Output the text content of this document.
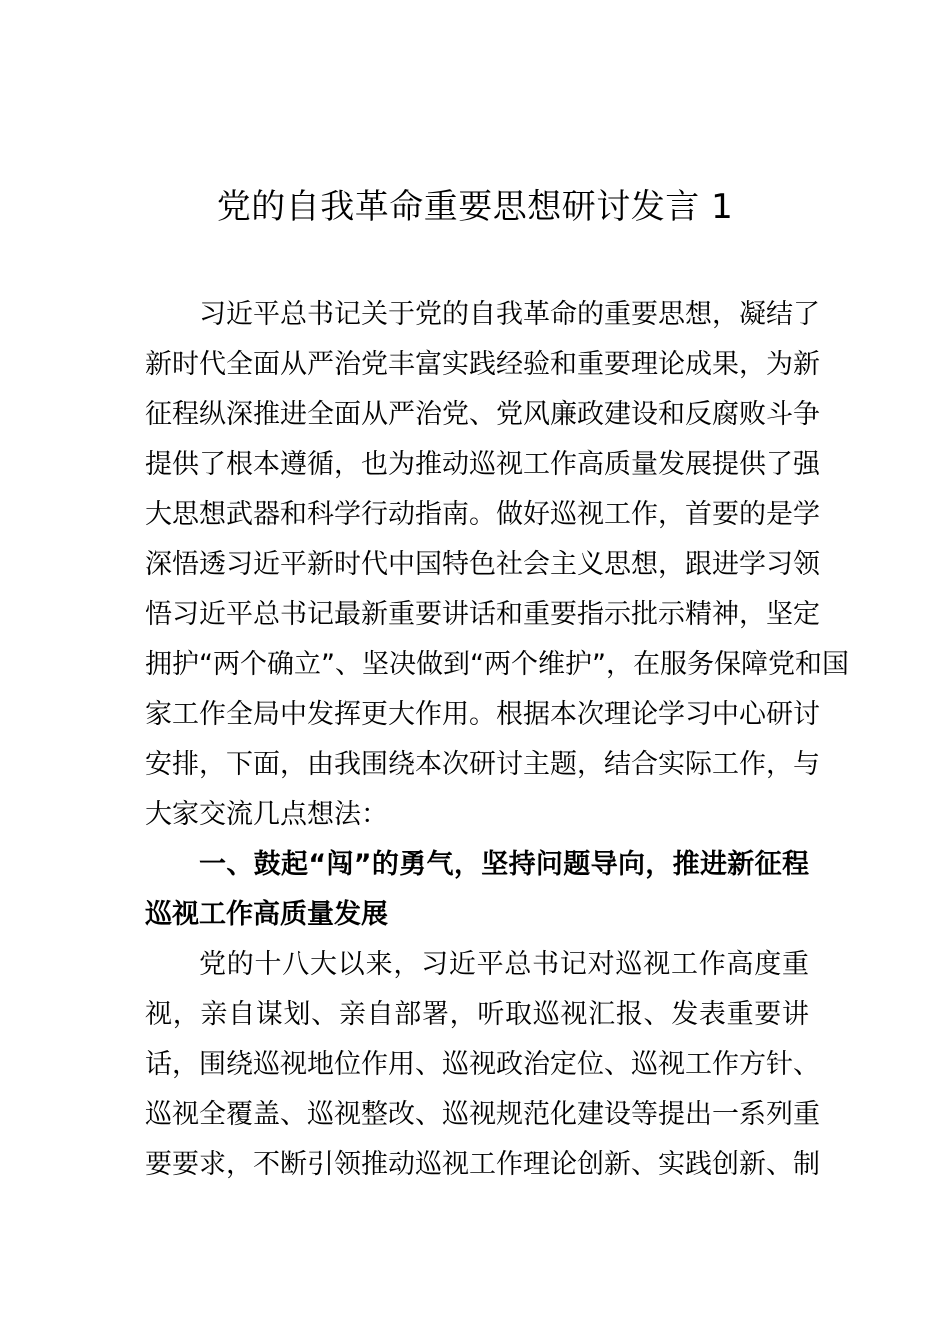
党的自我革命重要思想研讨发言 1
习近平总书记关于党的自我革命的重要思想，凝结了
新时代全面从严治党丰富实践经验和重要理论成果，为新
征程纵深推进全面从严治党、党风廉政建设和反腐败斗争
提供了根本遵循，也为推动巡视工作高质量发展提供了强
大思想武器和科学行动指南。做好巡视工作，首要的是学
深悟透习近平新时代中国特色社会主义思想，跟进学习领
悟习近平总书记最新重要讲话和重要指示批示精神，坚定
拥护“两个确立”、坚决做到“两个维护”，在服务保障党和国
家工作全局中发挥更大作用。根据本次理论学习中心研讨
安排，下面，由我围绕本次研讨主题，结合实际工作，与
大家交流几点想法：
一、鼓起“闯”的勇气，坚持问题导向，推进新征程
巡视工作高质量发展
党的十八大以来，习近平总书记对巡视工作高度重
视，亲自谋划、亲自部署，听取巡视汇报、发表重要讲
话，围绕巡视地位作用、巡视政治定位、巡视工作方针、
巡视全覆盖、巡视整改、巡视规范化建设等提出一系列重
要要求，不断引领推动巡视工作理论创新、实践创新、制
